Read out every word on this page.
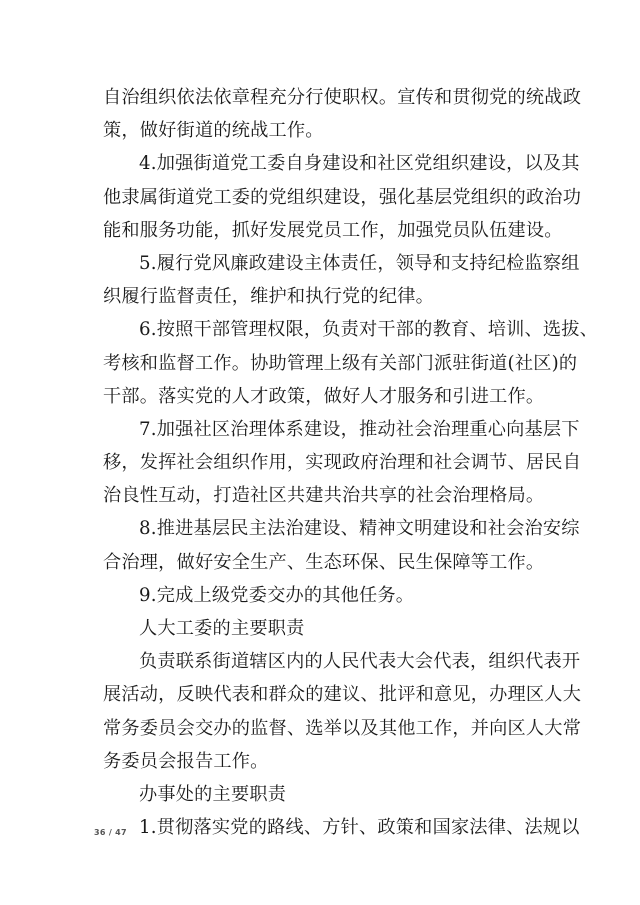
自治组织依法依章程充分行使职权。宣传和贯彻党的统战政
策，做好街道的统战工作。
4.加强街道党工委自身建设和社区党组织建设，以及其
他隶属街道党工委的党组织建设，强化基层党组织的政治功
能和服务功能，抓好发展党员工作，加强党员队伍建设。
5.履行党风廉政建设主体责任，领导和支持纪检监察组
织履行监督责任，维护和执行党的纪律。
6.按照干部管理权限，负责对干部的教育、培训、选拔、
考核和监督工作。协助管理上级有关部门派驻街道(社区)的
干部。落实党的人才政策，做好人才服务和引进工作。
7.加强社区治理体系建设，推动社会治理重心向基层下
移，发挥社会组织作用，实现政府治理和社会调节、居民自
治良性互动，打造社区共建共治共享的社会治理格局。
8.推进基层民主法治建设、精神文明建设和社会治安综
合治理，做好安全生产、生态环保、民生保障等工作。
9.完成上级党委交办的其他任务。
人大工委的主要职责
负责联系街道辖区内的人民代表大会代表，组织代表开
展活动，反映代表和群众的建议、批评和意见，办理区人大
常务委员会交办的监督、选举以及其他工作，并向区人大常
务委员会报告工作。
办事处的主要职责
1.贯彻落实党的路线、方针、政策和国家法律、法规以
36 / 47
